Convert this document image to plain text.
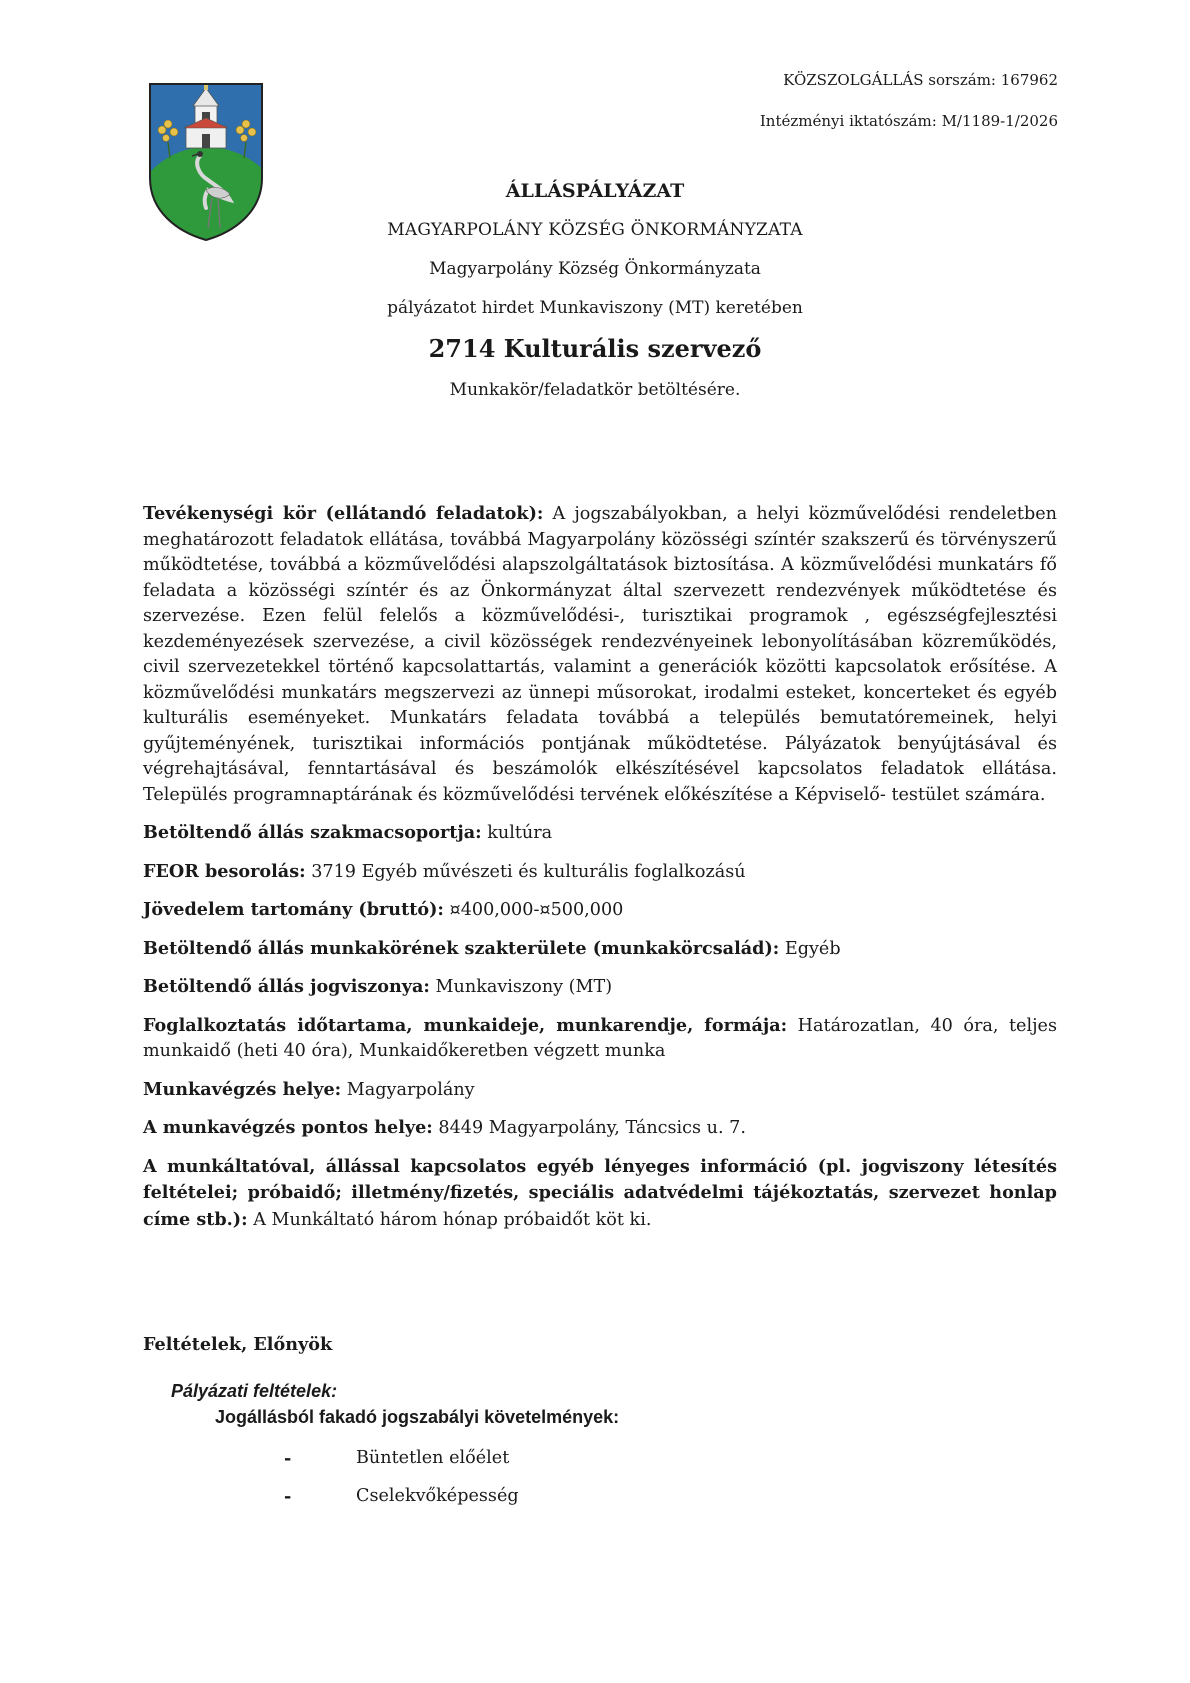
KÖZSZOLGÁLLÁS sorszám: 167962
Intézményi iktatószám: M/1189-1/2026
ÁLLÁSPÁLYÁZAT
MAGYARPOLÁNY KÖZSÉG ÖNKORMÁNYZATA
Magyarpolány Község Önkormányzata
pályázatot hirdet Munkaviszony (MT) keretében
2714 Kulturális szervező
Munkakör/feladatkör betöltésére.

Tevékenységi kör (ellátandó feladatok): A jogszabályokban, a helyi közművelődési rendeletben meghatározott feladatok ellátása, továbbá Magyarpolány közösségi színtér szakszerű és törvényszerű működtetése, továbbá a közművelődési alapszolgáltatások biztosítása. A közművelődési munkatárs fő feladata a közösségi színtér és az Önkormányzat által szervezett rendezvények működtetése és szervezése. Ezen felül felelős a közművelődési-, turisztikai programok , egészségfejlesztési kezdeményezések szervezése, a civil közösségek rendezvényeinek lebonyolításában közreműködés, civil szervezetekkel történő kapcsolattartás, valamint a generációk közötti kapcsolatok erősítése. A közművelődési munkatárs megszervezi az ünnepi műsorokat, irodalmi esteket, koncerteket és egyéb kulturális eseményeket. Munkatárs feladata továbbá a település bemutatóremeinek, helyi gyűjteményének, turisztikai információs pontjának működtetése. Pályázatok benyújtásával és végrehajtásával, fenntartásával és beszámolók elkészítésével kapcsolatos feladatok ellátása. Település programnaptárának és közművelődési tervének előkészítése a Képviselő- testület számára.

Betöltendő állás szakmacsoportja: kultúra

FEOR besorolás: 3719 Egyéb művészeti és kulturális foglalkozású

Jövedelem tartomány (bruttó): ¤400,000-¤500,000

Betöltendő állás munkakörének szakterülete (munkakörcsalád): Egyéb

Betöltendő állás jogviszonya: Munkaviszony (MT)

Foglalkoztatás időtartama, munkaideje, munkarendje, formája: Határozatlan, 40 óra, teljes munkaidő (heti 40 óra), Munkaidőkeretben végzett munka

Munkavégzés helye: Magyarpolány

A munkavégzés pontos helye: 8449 Magyarpolány, Táncsics u. 7.

A munkáltatóval, állással kapcsolatos egyéb lényeges információ (pl. jogviszony létesítés feltételei; próbaidő; illetmény/fizetés, speciális adatvédelmi tájékoztatás, szervezet honlap címe stb.): A Munkáltató három hónap próbaidőt köt ki.

Feltételek, Előnyök
Pályázati feltételek:
Jogállásból fakadó jogszabályi követelmények:
-	Büntetlen előélet
-	Cselekvőképesség
